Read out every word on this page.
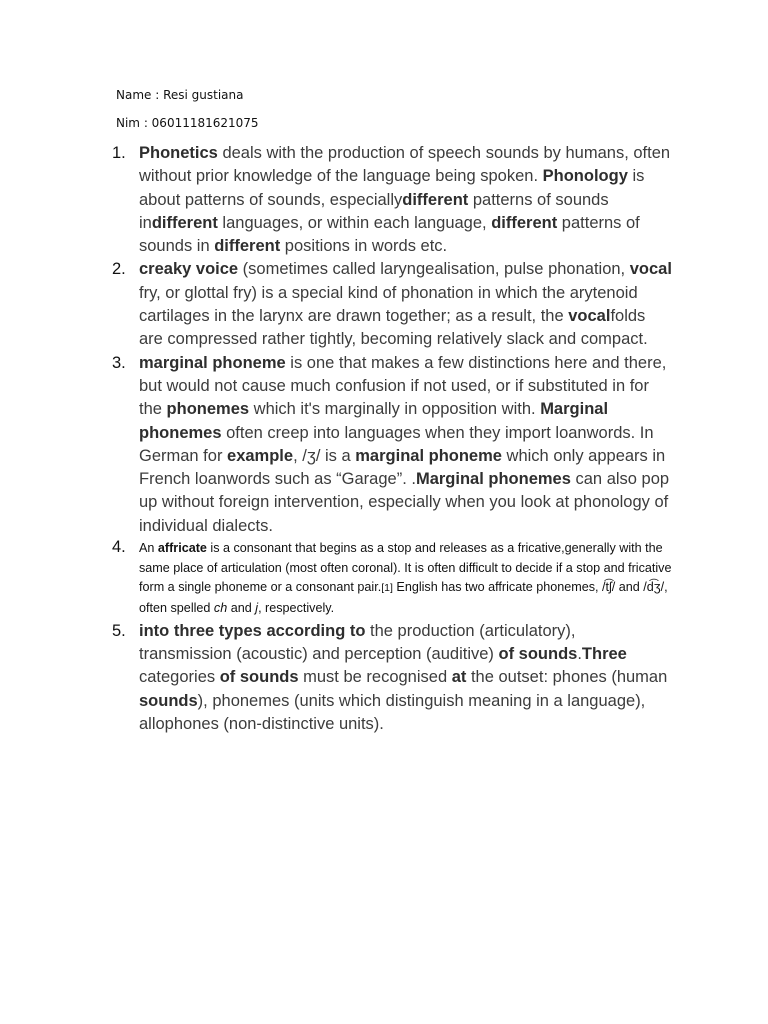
Name : Resi gustiana
Nim : 06011181621075
1. Phonetics deals with the production of speech sounds by humans, often without prior knowledge of the language being spoken. Phonology is about patterns of sounds, especiallydifferent patterns of sounds indifferent languages, or within each language, different patterns of sounds in different positions in words etc.
2. creaky voice (sometimes called laryngealisation, pulse phonation, vocal fry, or glottal fry) is a special kind of phonation in which the arytenoid cartilages in the larynx are drawn together; as a result, the vocalfolds are compressed rather tightly, becoming relatively slack and compact.
3. marginal phoneme is one that makes a few distinctions here and there, but would not cause much confusion if not used, or if substituted in for the phonemes which it's marginally in opposition with. Marginal phonemes often creep into languages when they import loanwords. In German for example, /ʒ/ is a marginal phoneme which only appears in French loanwords such as “Garage”. .Marginal phonemes can also pop up without foreign intervention, especially when you look at phonology of individual dialects.
4. An affricate is a consonant that begins as a stop and releases as a fricative,generally with the same place of articulation (most often coronal). It is often difficult to decide if a stop and fricative form a single phoneme or a consonant pair.[1] English has two affricate phonemes, /t͡ʃ/ and /d͡ʒ/, often spelled ch and j, respectively.
5. into three types according to the production (articulatory), transmission (acoustic) and perception (auditive) of sounds.Three categories of sounds must be recognised at the outset: phones (human sounds), phonemes (units which distinguish meaning in a language), allophones (non-distinctive units).
